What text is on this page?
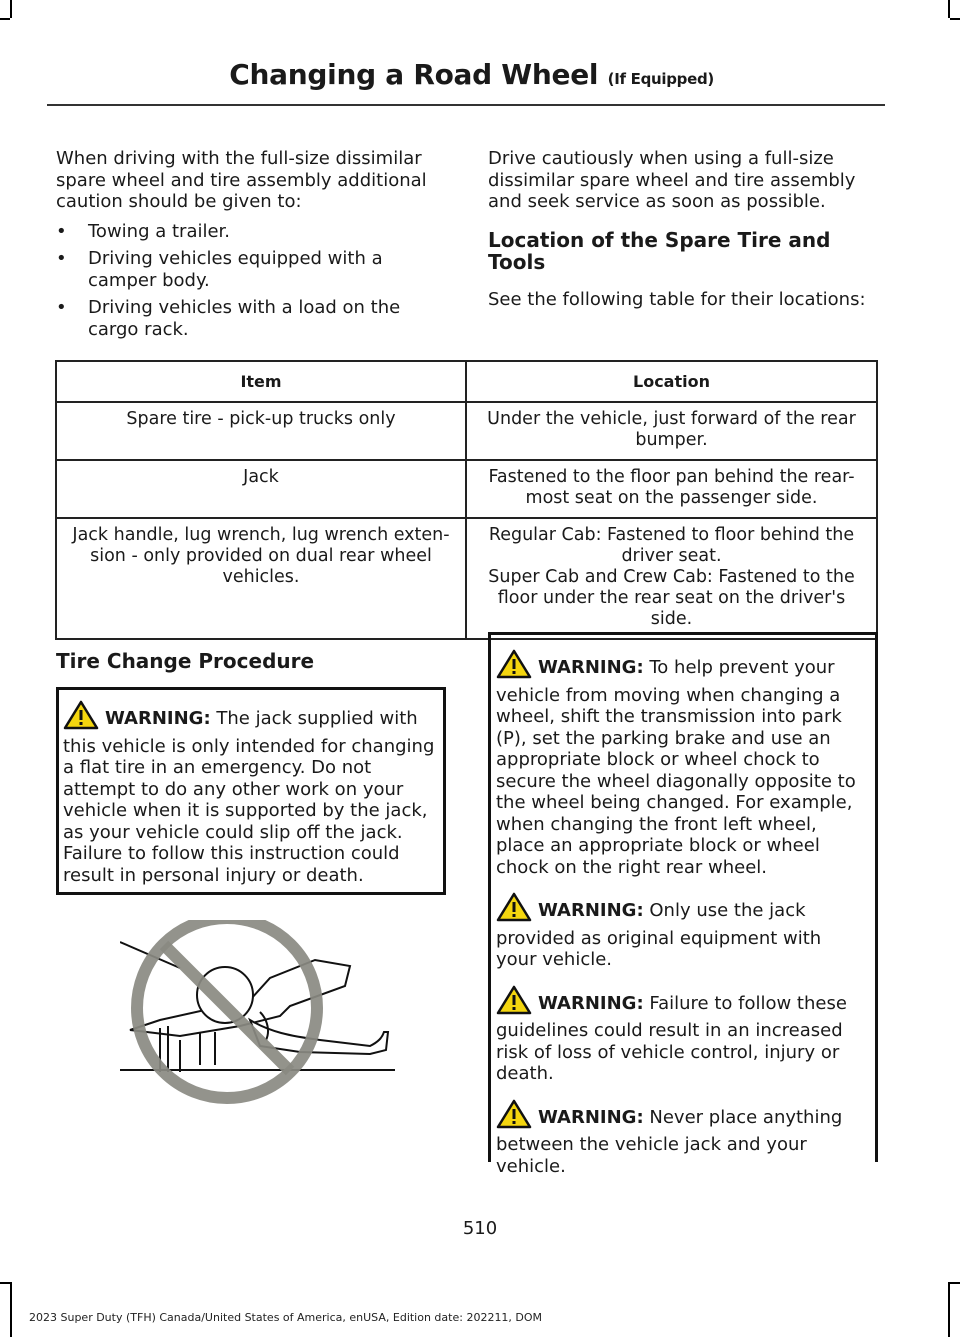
Changing a Road Wheel (If Equipped)

When driving with the full-size dissimilar spare wheel and tire assembly additional caution should be given to:

• Towing a trailer.
• Driving vehicles equipped with a camper body.
• Driving vehicles with a load on the cargo rack.

Drive cautiously when using a full-size dissimilar spare wheel and tire assembly and seek service as soon as possible.

Location of the Spare Tire and Tools

See the following table for their locations:

Item	Location
Spare tire - pick-up trucks only	Under the vehicle, just forward of the rear bumper.
Jack	Fastened to the floor pan behind the rear-most seat on the passenger side.
Jack handle, lug wrench, lug wrench exten-sion - only provided on dual rear wheel vehicles.	Regular Cab: Fastened to floor behind the driver seat.
Super Cab and Crew Cab: Fastened to the floor under the rear seat on the driver's side.
Tire Change Procedure

WARNING: The jack supplied with this vehicle is only intended for changing a flat tire in an emergency. Do not attempt to do any other work on your vehicle when it is supported by the jack, as your vehicle could slip off the jack. Failure to follow this instruction could result in personal injury or death.

WARNING: To help prevent your vehicle from moving when changing a wheel, shift the transmission into park (P), set the parking brake and use an appropriate block or wheel chock to secure the wheel diagonally opposite to the wheel being changed. For example, when changing the front left wheel, place an appropriate block or wheel chock on the right rear wheel.

WARNING: Only use the jack provided as original equipment with your vehicle.

WARNING: Failure to follow these guidelines could result in an increased risk of loss of vehicle control, injury or death.

WARNING: Never place anything between the vehicle jack and your vehicle.

510
2023 Super Duty (TFH) Canada/United States of America, enUSA, Edition date: 202211, DOM
